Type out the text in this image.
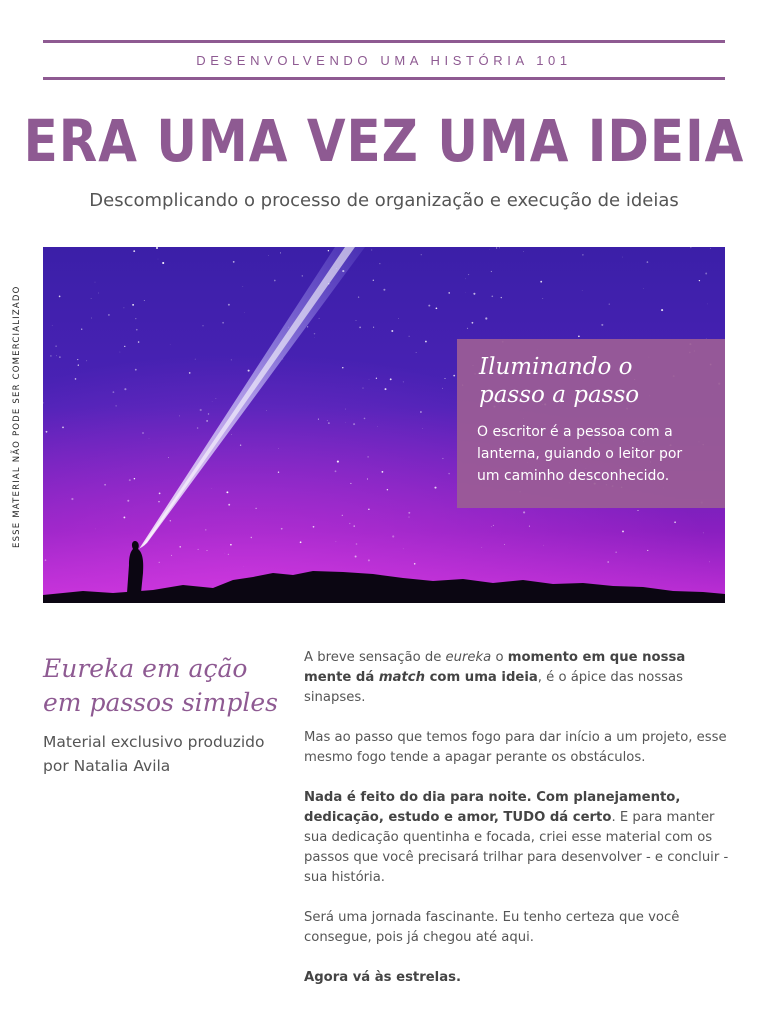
DESENVOLVENDO UMA HISTÓRIA 101
ERA UMA VEZ UMA IDEIA
Descomplicando o processo de organização e execução de ideias
ESSE MATERIAL NÃO PODE SER COMERCIALIZADO	Iluminando o passo a passo

O escritor é a pessoa com a lanterna, guiando o leitor por um caminho desconhecido.

Eureka em ação em passos simples

Material exclusivo produzido por Natalia Avila

A breve sensação de eureka o momento em que nossa mente dá match com uma ideia, é o ápice das nossas sinapses.

Mas ao passo que temos fogo para dar início a um projeto, esse mesmo fogo tende a apagar perante os obstáculos.

Nada é feito do dia para noite. Com planejamento, dedicação, estudo e amor, TUDO dá certo. E para manter sua dedicação quentinha e focada, criei esse material com os passos que você precisará trilhar para desenvolver - e concluir - sua história.

Será uma jornada fascinante. Eu tenho certeza que você consegue, pois já chegou até aqui.

Agora vá às estrelas.
